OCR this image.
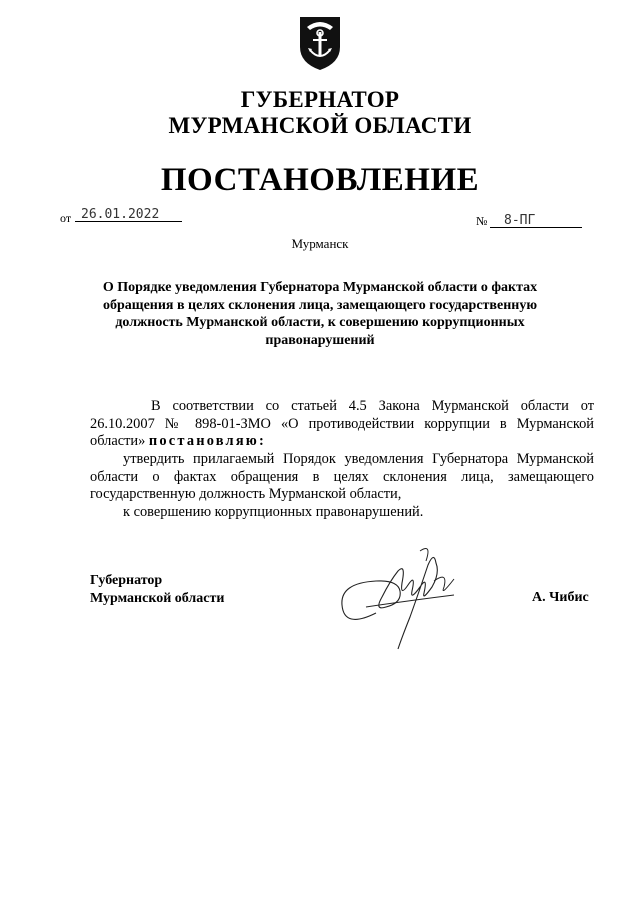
ГУБЕРНАТОР
МУРМАНСКОЙ ОБЛАСТИ
ПОСТАНОВЛЕНИЕ
от 26.01.2022	№ 8-ПГ
Мурманск
О Порядке уведомления Губернатора Мурманской области о фактах обращения в целях склонения лица, замещающего государственную должность Мурманской области, к совершению коррупционных правонарушений
В соответствии со статьей 4.5 Закона Мурманской области от 26.10.2007 № 898-01-ЗМО «О противодействии коррупции в Мурманской области» постановляю:
утвердить прилагаемый Порядок уведомления Губернатора Мурманской области о фактах обращения в целях склонения лица, замещающего государственную должность Мурманской области,
к совершению коррупционных правонарушений.
Губернатор
Мурманской области	А. Чибис
